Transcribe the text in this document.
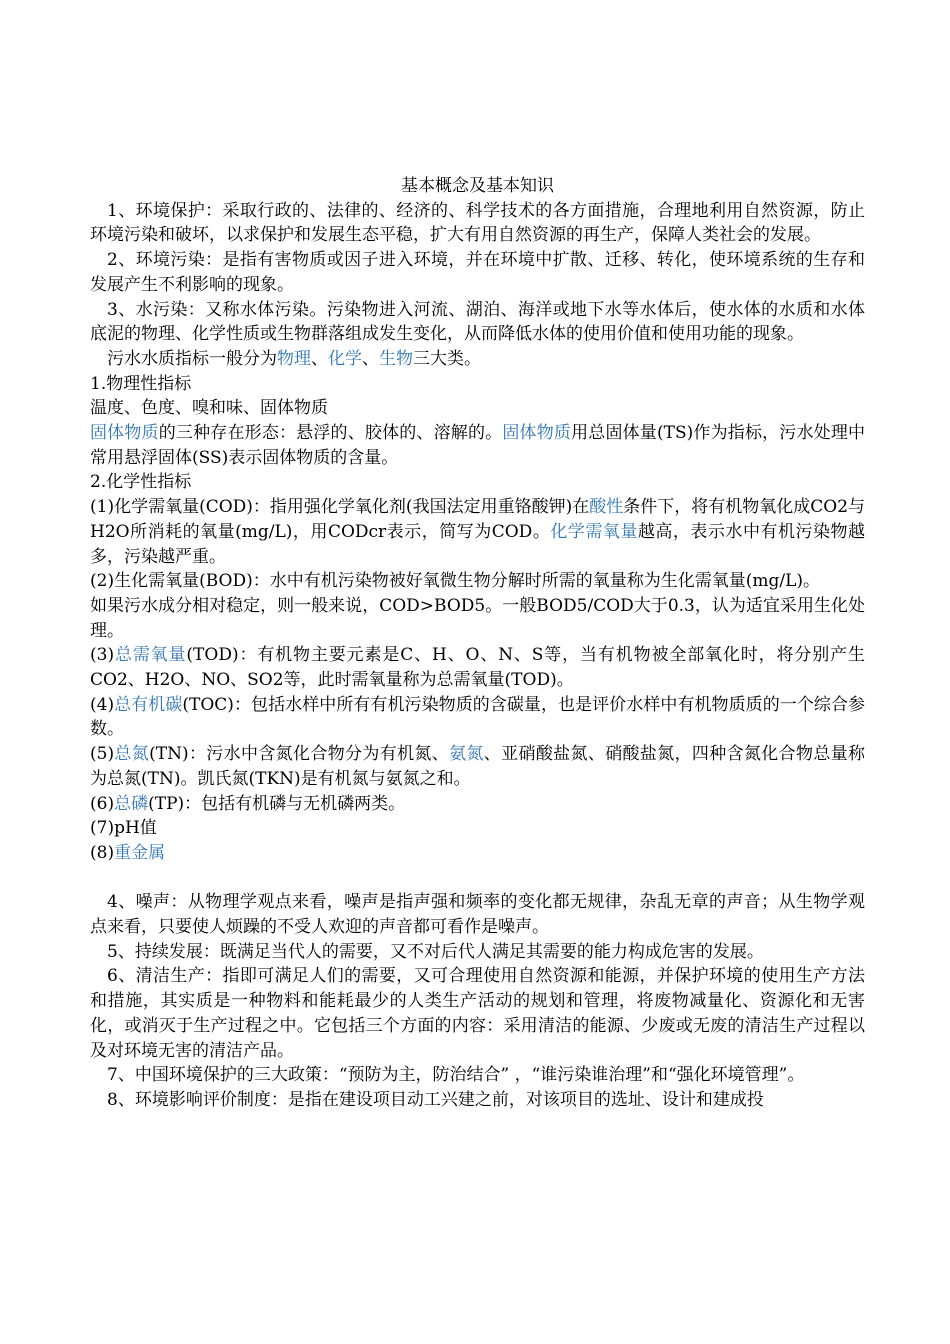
基本概念及基本知识

1、环境保护：采取行政的、法律的、经济的、科学技术的各方面措施，合理地利用自然资源，防止环境污染和破坏，以求保护和发展生态平稳，扩大有用自然资源的再生产，保障人类社会的发展。

2、环境污染：是指有害物质或因子进入环境，并在环境中扩散、迁移、转化，使环境系统的生存和发展产生不利影响的现象。

3、水污染：又称水体污染。污染物进入河流、湖泊、海洋或地下水等水体后，使水体的水质和水体底泥的物理、化学性质或生物群落组成发生变化，从而降低水体的使用价值和使用功能的现象。

污水水质指标一般分为物理、化学、生物三大类。

1.物理性指标

温度、色度、嗅和味、固体物质

固体物质的三种存在形态：悬浮的、胶体的、溶解的。固体物质用总固体量(TS)作为指标，污水处理中常用悬浮固体(SS)表示固体物质的含量。

2.化学性指标

(1)化学需氧量(COD)：指用强化学氧化剂(我国法定用重铬酸钾)在酸性条件下，将有机物氧化成CO2与H2O所消耗的氧量(mg/L)，用CODcr表示，简写为COD。化学需氧量越高，表示水中有机污染物越多，污染越严重。

(2)生化需氧量(BOD)：水中有机污染物被好氧微生物分解时所需的氧量称为生化需氧量(mg/L)。

如果污水成分相对稳定，则一般来说，COD>BOD5。一般BOD5/COD大于0.3，认为适宜采用生化处理。

(3)总需氧量(TOD)：有机物主要元素是C、H、O、N、S等，当有机物被全部氧化时，将分别产生CO2、H2O、NO、SO2等，此时需氧量称为总需氧量(TOD)。

(4)总有机碳(TOC)：包括水样中所有有机污染物质的含碳量，也是评价水样中有机物质质的一个综合参数。

(5)总氮(TN)：污水中含氮化合物分为有机氮、氨氮、亚硝酸盐氮、硝酸盐氮，四种含氮化合物总量称为总氮(TN)。凯氏氮(TKN)是有机氮与氨氮之和。

(6)总磷(TP)：包括有机磷与无机磷两类。

(7)pH值

(8)重金属

4、噪声：从物理学观点来看，噪声是指声强和频率的变化都无规律，杂乱无章的声音；从生物学观点来看，只要使人烦躁的不受人欢迎的声音都可看作是噪声。

5、持续发展：既满足当代人的需要，又不对后代人满足其需要的能力构成危害的发展。

6、清洁生产：指即可满足人们的需要，又可合理使用自然资源和能源，并保护环境的使用生产方法和措施，其实质是一种物料和能耗最少的人类生产活动的规划和管理，将废物减量化、资源化和无害化，或消灭于生产过程之中。它包括三个方面的内容：采用清洁的能源、少废或无废的清洁生产过程以及对环境无害的清洁产品。

7、中国环境保护的三大政策：“预防为主，防治结合” ，“谁污染谁治理”和“强化环境管理”。

8、环境影响评价制度：是指在建设项目动工兴建之前，对该项目的选址、设计和建成投
